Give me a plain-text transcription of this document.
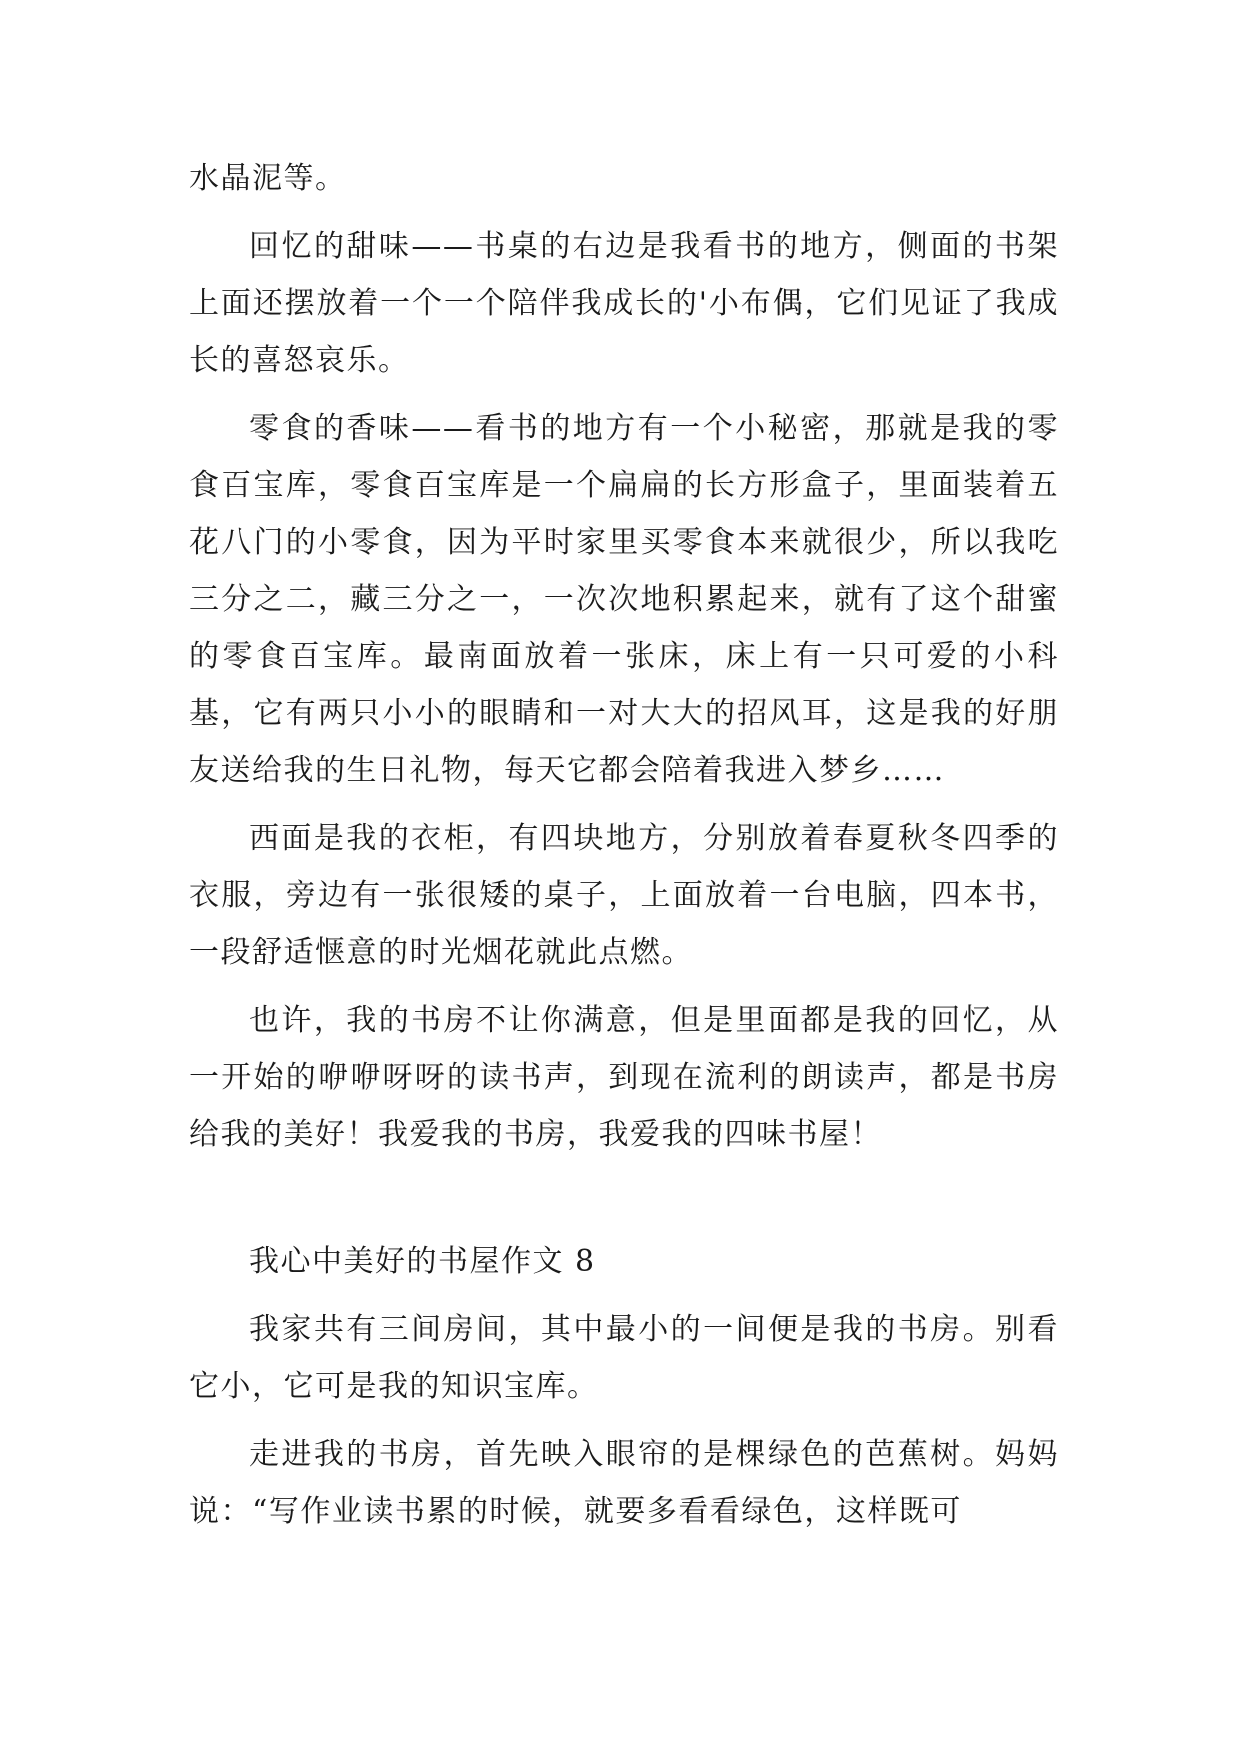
水晶泥等。

回忆的甜味——书桌的右边是我看书的地方，侧面的书架上面还摆放着一个一个陪伴我成长的'小布偶，它们见证了我成长的喜怒哀乐。

零食的香味——看书的地方有一个小秘密，那就是我的零食百宝库，零食百宝库是一个扁扁的长方形盒子，里面装着五花八门的小零食，因为平时家里买零食本来就很少，所以我吃三分之二，藏三分之一，一次次地积累起来，就有了这个甜蜜的零食百宝库。最南面放着一张床，床上有一只可爱的小科基，它有两只小小的眼睛和一对大大的招风耳，这是我的好朋友送给我的生日礼物，每天它都会陪着我进入梦乡……

西面是我的衣柜，有四块地方，分别放着春夏秋冬四季的衣服，旁边有一张很矮的桌子，上面放着一台电脑，四本书，一段舒适惬意的时光烟花就此点燃。

也许，我的书房不让你满意，但是里面都是我的回忆，从一开始的咿咿呀呀的读书声，到现在流利的朗读声，都是书房给我的美好！我爱我的书房，我爱我的四味书屋！

我心中美好的书屋作文 8

我家共有三间房间，其中最小的一间便是我的书房。别看它小，它可是我的知识宝库。

走进我的书房，首先映入眼帘的是棵绿色的芭蕉树。妈妈说：“写作业读书累的时候，就要多看看绿色，这样既可
